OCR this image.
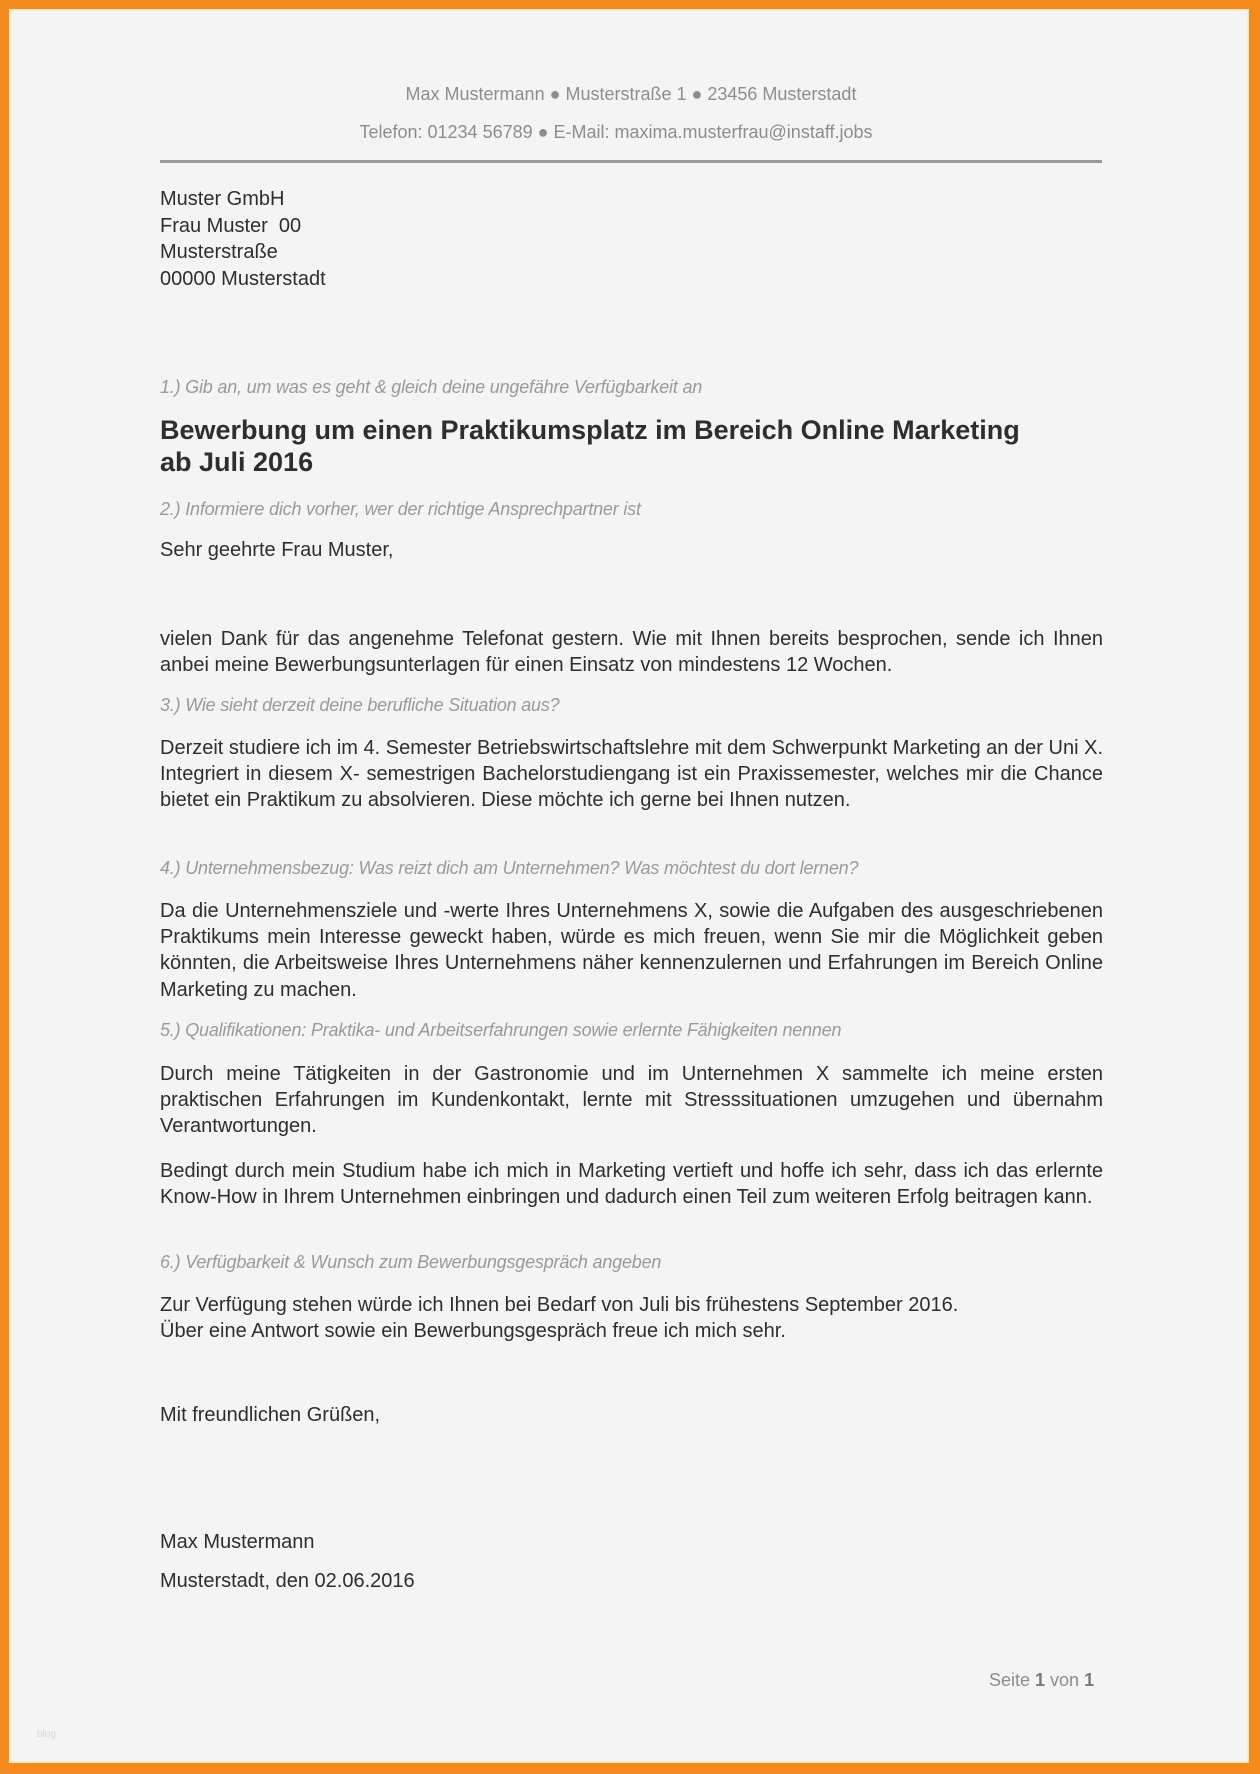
Max Mustermann ● Musterstraße 1 ● 23456 Musterstadt
Telefon: 01234 56789 ● E-Mail: maxima.musterfrau@instaff.jobs
Muster GmbH
Frau Muster  00
Musterstraße
00000 Musterstadt
1.) Gib an, um was es geht & gleich deine ungefähre Verfügbarkeit an
Bewerbung um einen Praktikumsplatz im Bereich Online Marketing
ab Juli 2016
2.) Informiere dich vorher, wer der richtige Ansprechpartner ist
Sehr geehrte Frau Muster,
vielen Dank für das angenehme Telefonat gestern. Wie mit Ihnen bereits besprochen, sende ich Ihnen anbei meine Bewerbungsunterlagen für einen Einsatz von mindestens 12 Wochen.
3.) Wie sieht derzeit deine berufliche Situation aus?
Derzeit studiere ich im 4. Semester Betriebswirtschaftslehre mit dem Schwerpunkt Marketing an der Uni X. Integriert in diesem X- semestrigen Bachelorstudiengang ist ein Praxissemester, welches mir die Chance bietet ein Praktikum zu absolvieren. Diese möchte ich gerne bei Ihnen nutzen.
4.) Unternehmensbezug: Was reizt dich am Unternehmen? Was möchtest du dort lernen?
Da die Unternehmensziele und -werte Ihres Unternehmens X, sowie die Aufgaben des ausgeschriebenen Praktikums mein Interesse geweckt haben, würde es mich freuen, wenn Sie mir die Möglichkeit geben könnten, die Arbeitsweise Ihres Unternehmens näher kennenzulernen und Erfahrungen im Bereich Online Marketing zu machen.
5.) Qualifikationen: Praktika- und Arbeitserfahrungen sowie erlernte Fähigkeiten nennen
Durch meine Tätigkeiten in der Gastronomie und im Unternehmen X sammelte ich meine ersten praktischen Erfahrungen im Kundenkontakt, lernte mit Stresssituationen umzugehen und übernahm Verantwortungen.
Bedingt durch mein Studium habe ich mich in Marketing vertieft und hoffe ich sehr, dass ich das erlernte Know-How in Ihrem Unternehmen einbringen und dadurch einen Teil zum weiteren Erfolg beitragen kann.
6.) Verfügbarkeit & Wunsch zum Bewerbungsgespräch angeben
Zur Verfügung stehen würde ich Ihnen bei Bedarf von Juli bis frühestens September 2016.
Über eine Antwort sowie ein Bewerbungsgespräch freue ich mich sehr.
Mit freundlichen Grüßen,
Max Mustermann
Musterstadt, den 02.06.2016
Seite 1 von 1
blog
